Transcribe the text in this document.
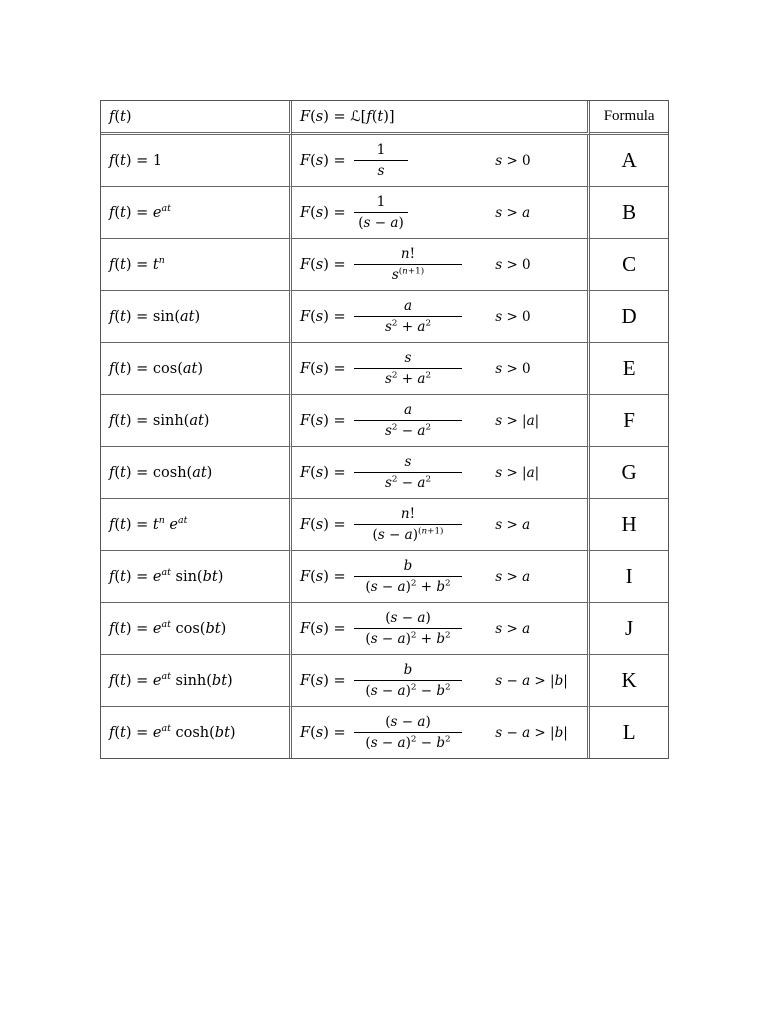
f(t)	F(s) = ℒ[f(t)]	Formula
f(t) = 1	$F(s) = \frac{1}{s}$ s > 0	A
$f(t) = e^{at}$	$F(s) = \frac{1}{(s - a)}$ s > a	B
$f(t) = t^n$	$F(s) = \frac{n!}{s^{(n+1)}}$ s > 0	C
f(t) = sin(at)	$F(s) = \frac{a}{s^2 + a^2}$ s > 0	D
f(t) = cos(at)	$F(s) = \frac{s}{s^2 + a^2}$ s > 0	E
f(t) = sinh(at)	$F(s) = \frac{a}{s^2 - a^2}$ s > |a|	F
f(t) = cosh(at)	$F(s) = \frac{s}{s^2 - a^2}$ s > |a|	G
$f(t) = t^n$ $e^{at}$	$F(s) = \frac{n!}{(s - a)^{(n+1)}}$ s > a	H
$f(t) = e^{at}$ sin(bt)	$F(s) = \frac{b}{(s - a)^2 + b^2}$ s > a	I
$f(t) = e^{at}$ cos(bt)	$F(s) = \frac{(s - a)}{(s - a)^2 + b^2}$ s > a	J
$f(t) = e^{at}$ sinh(bt)	$F(s) = \frac{b}{(s - a)^2 - b^2}$ s − a > |b|	K
$f(t) = e^{at}$ cosh(bt)	$F(s) = \frac{(s - a)}{(s - a)^2 - b^2}$ s − a > |b|	L
